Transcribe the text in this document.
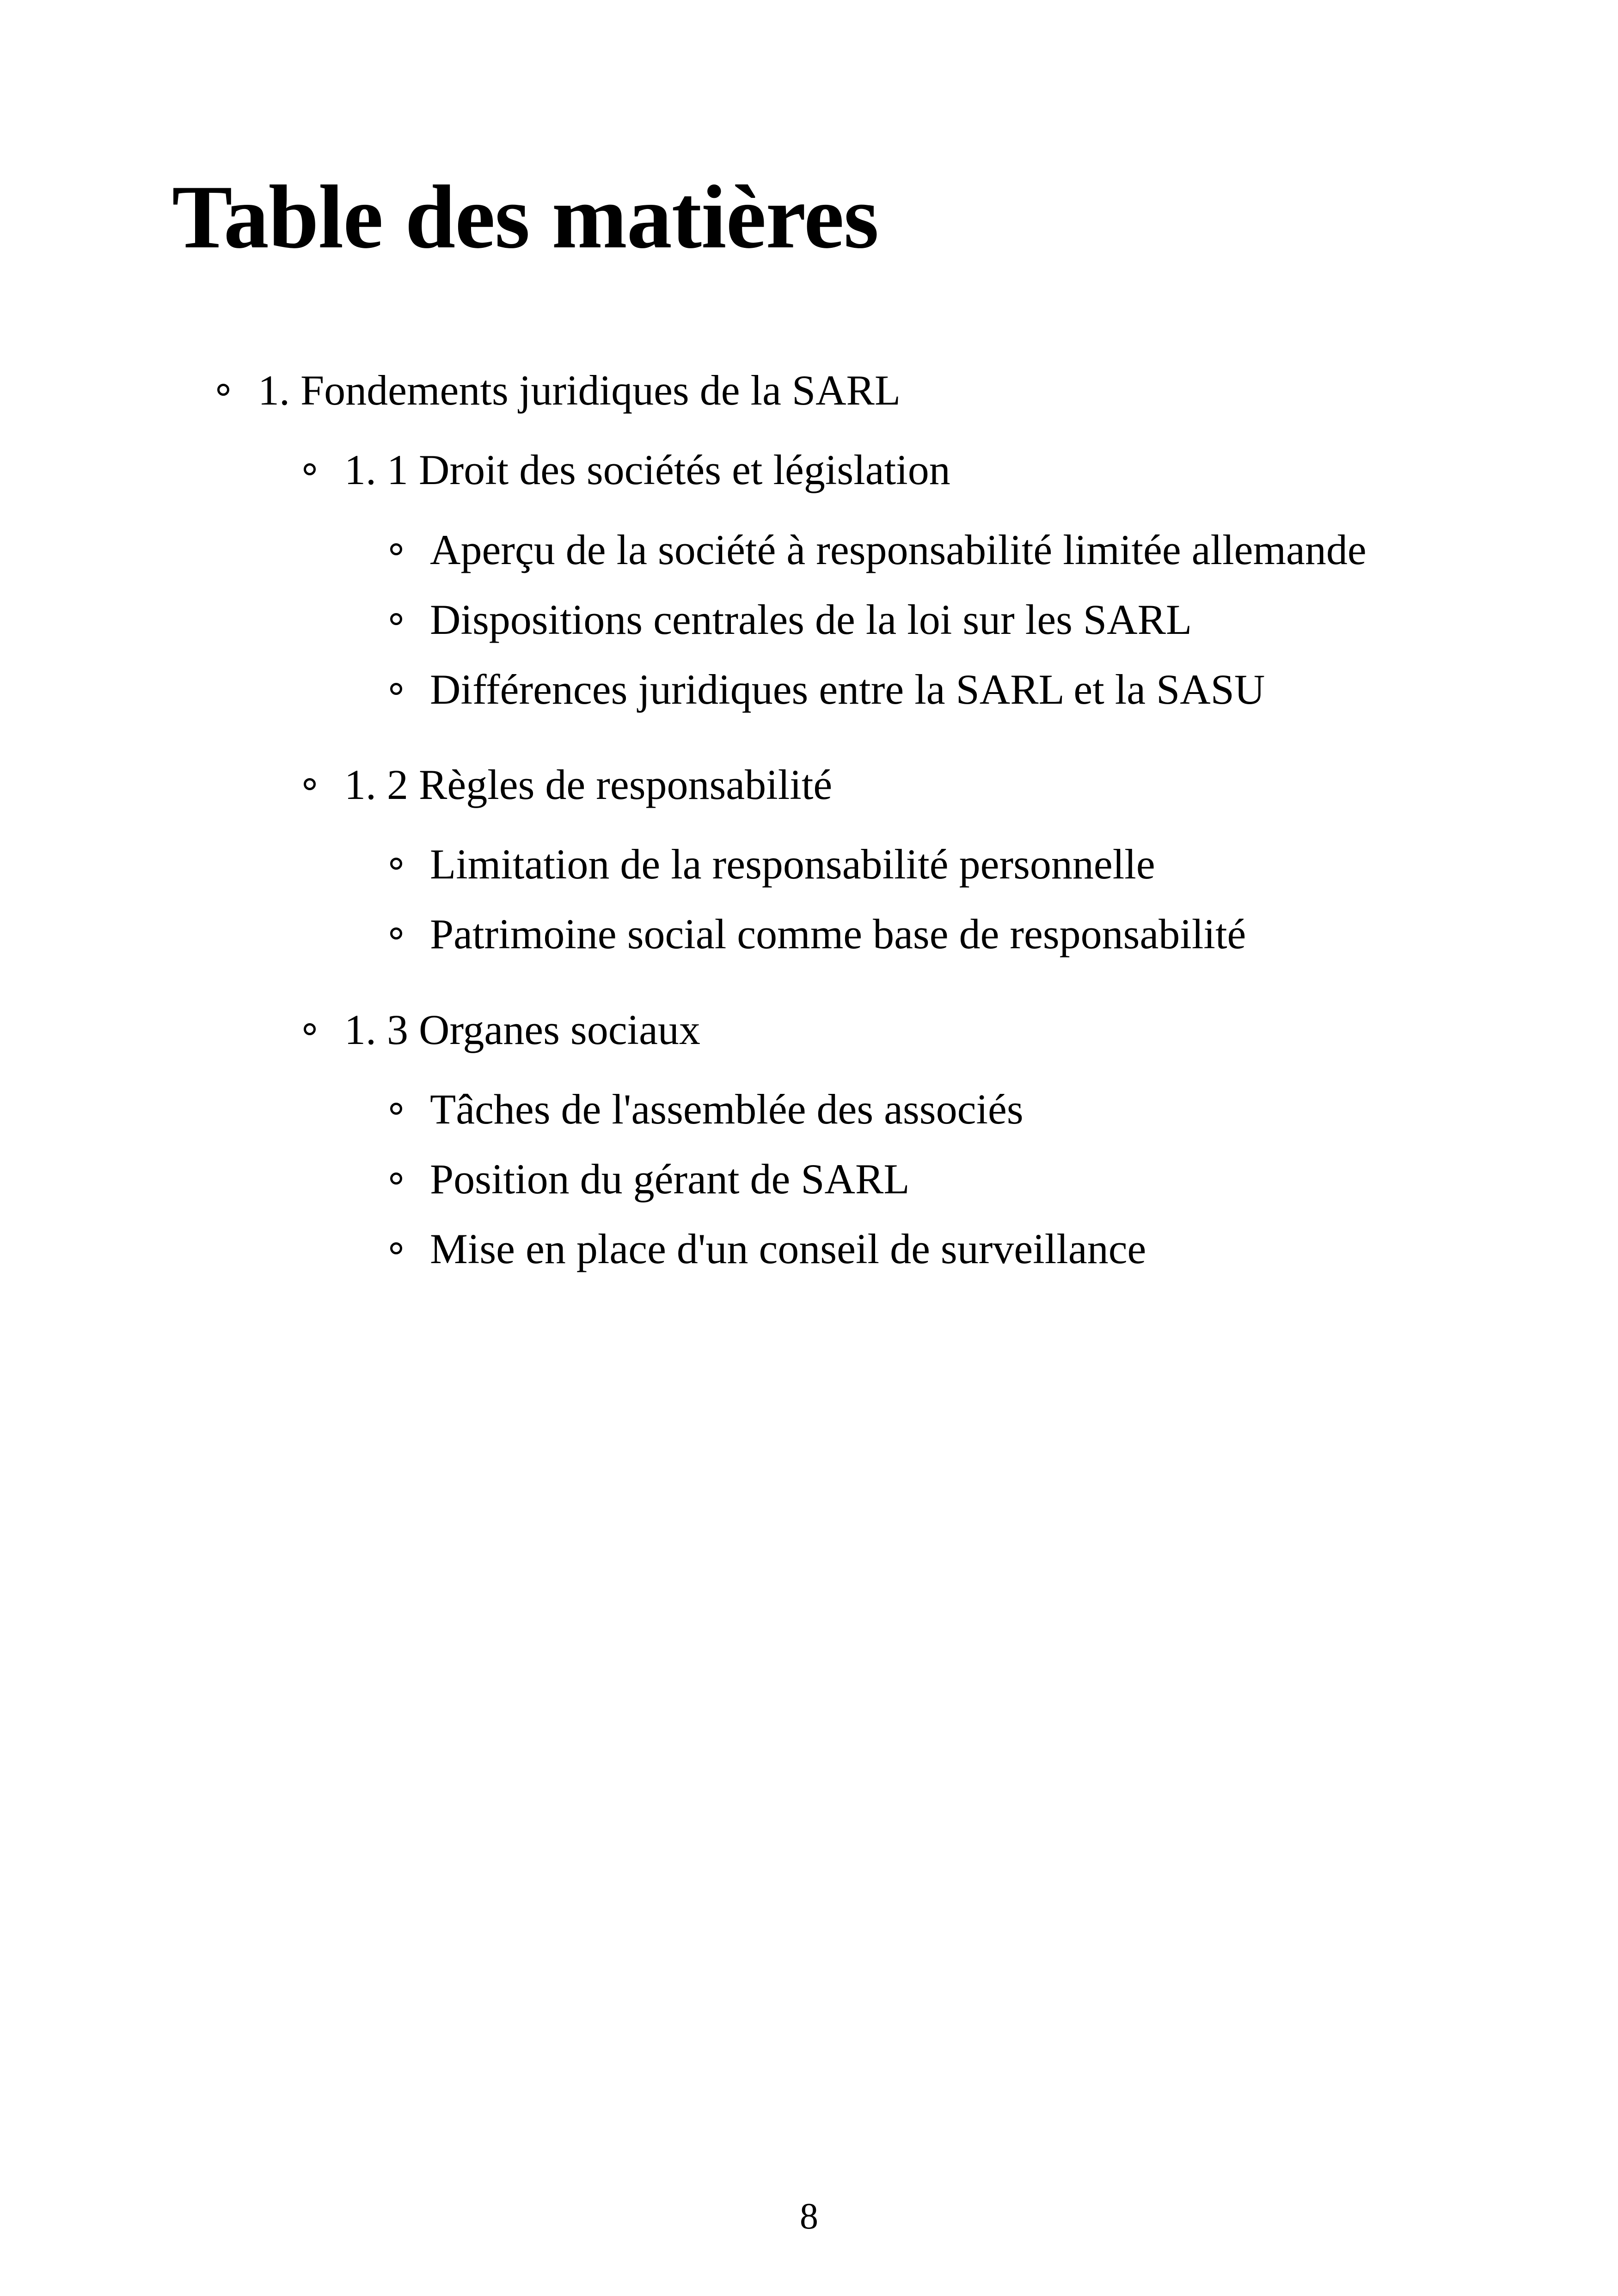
Table des matières
1. Fondements juridiques de la SARL
1. 1 Droit des sociétés et législation
Aperçu de la société à responsabilité limitée allemande
Dispositions centrales de la loi sur les SARL
Différences juridiques entre la SARL et la SASU
1. 2 Règles de responsabilité
Limitation de la responsabilité personnelle
Patrimoine social comme base de responsabilité
1. 3 Organes sociaux
Tâches de l'assemblée des associés
Position du gérant de SARL
Mise en place d'un conseil de surveillance
8
